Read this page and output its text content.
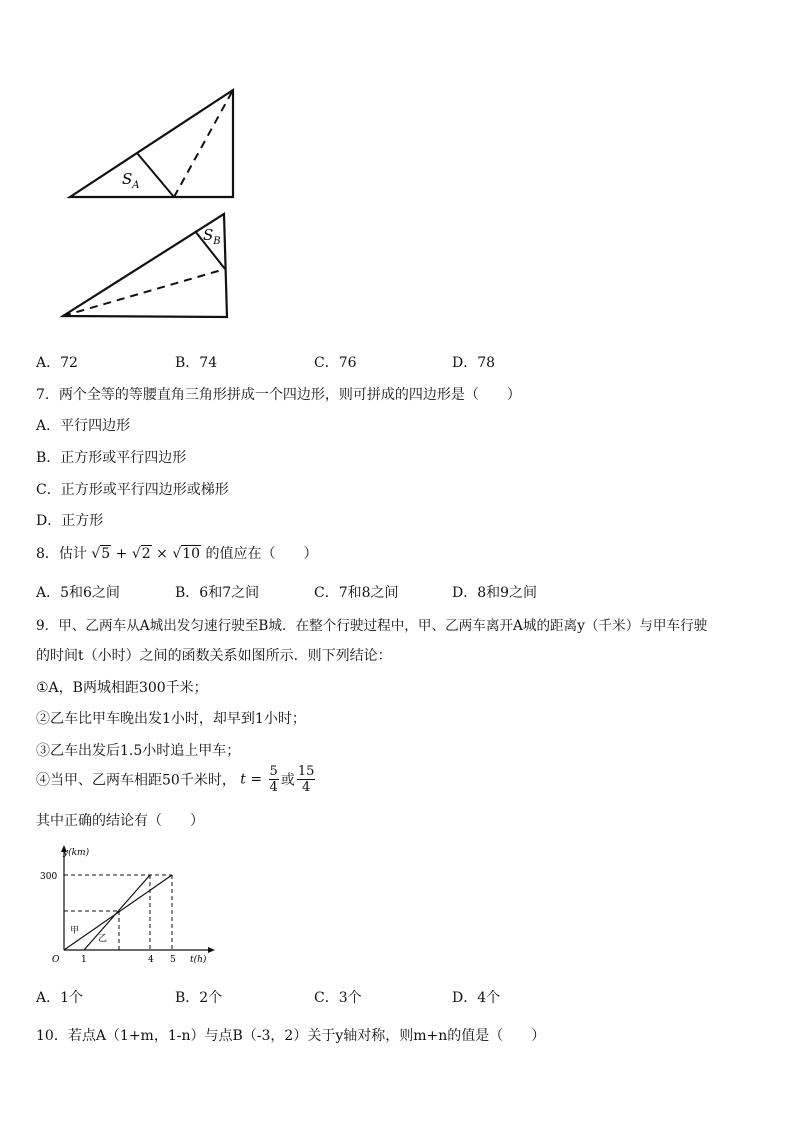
$S_A$
$S_B$
A．72	B．74	C．76	D．78
7．两个全等的等腰直角三角形拼成一个四边形，则可拼成的四边形是（　　）
A．平行四边形
B．正方形或平行四边形
C．正方形或平行四边形或梯形
D．正方形
8．估计 √5 + √2 × √10 的值应在（　　）
A．5和6之间	B．6和7之间	C．7和8之间	D．8和9之间
9．甲、乙两车从A城出发匀速行驶至B城．在整个行驶过程中，甲、乙两车离开A城的距离y（千米）与甲车行驶
的时间t（小时）之间的函数关系如图所示．则下列结论：
①A，B两城相距300千米；
②乙车比甲车晚出发1小时，却早到1小时；
③乙车出发后1.5小时追上甲车；
④当甲、乙两车相距50千米时， $t = \frac{5}{4}$ 或 $\frac{15}{4}$
其中正确的结论有（　　）
y(km)
t(h)
O
300
1	4 5
甲
乙
A．1个	B．2个	C．3个	D．4个
10．若点A（1+m，1-n）与点B（-3，2）关于y轴对称，则m+n的值是（　　）
